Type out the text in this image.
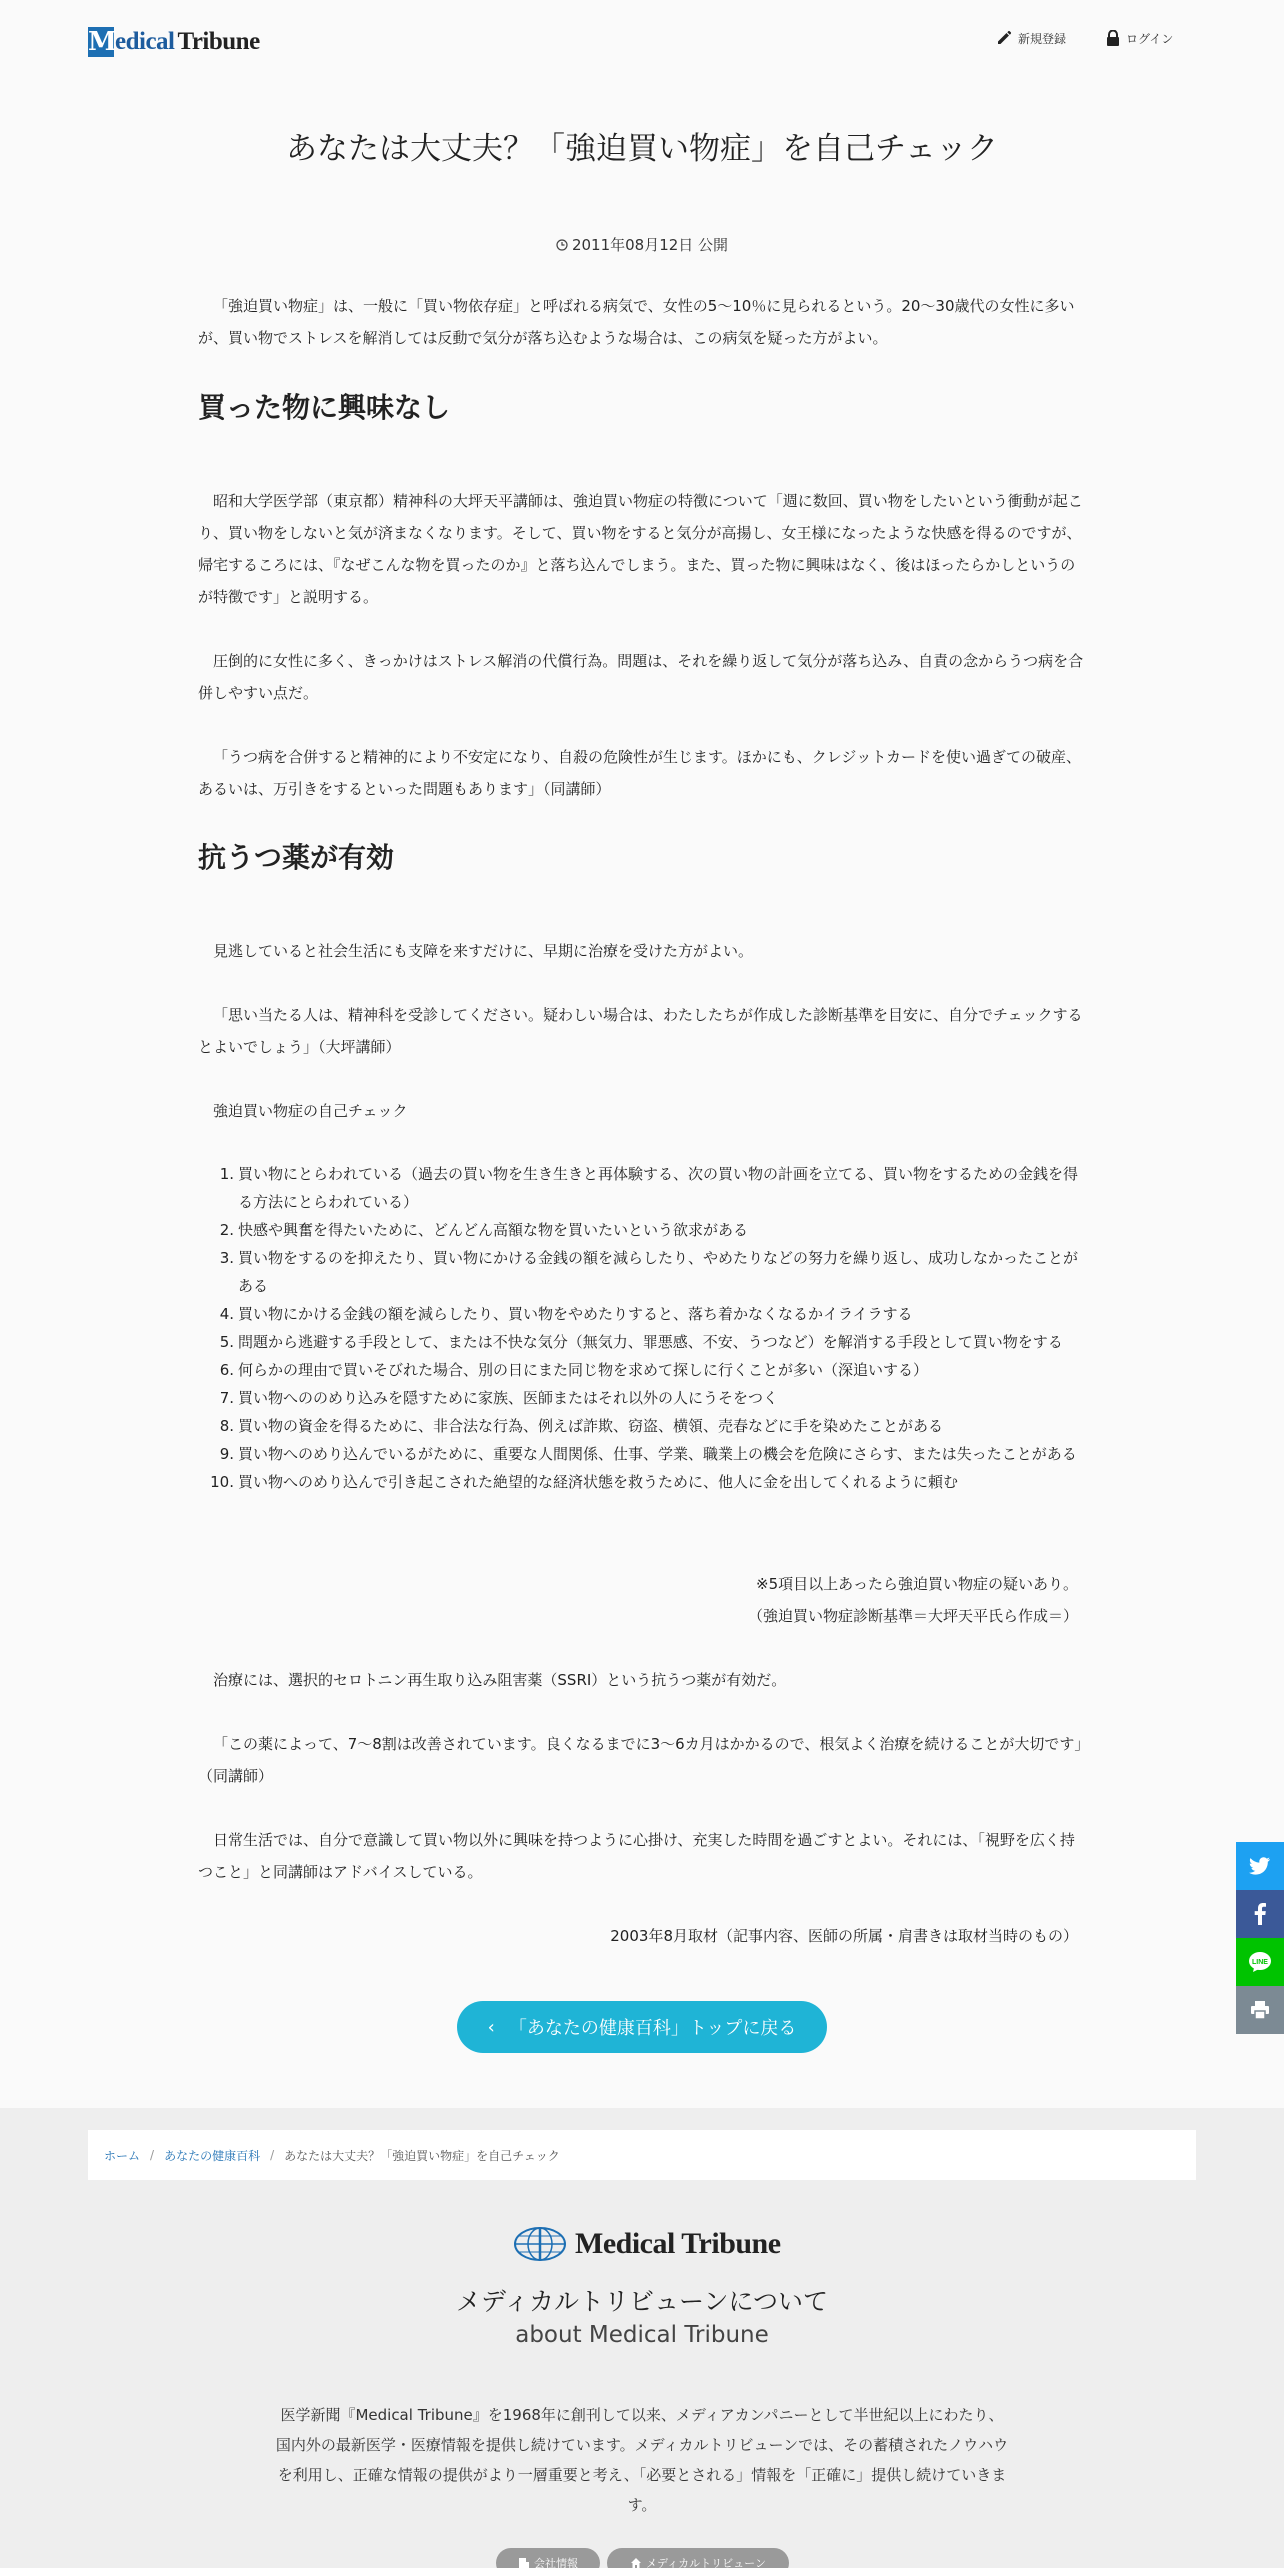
M
edical Tribune	新規登録	ログイン
あなたは大丈夫？「強迫買い物症」を自己チェック
2011年08月12日 公開

「強迫買い物症」は、一般に「買い物依存症」と呼ばれる病気で、女性の5～10％に見られるという。20～30歳代の女性に多いが、買い物でストレスを解消しては反動で気分が落ち込むような場合は、この病気を疑った方がよい。

買った物に興味なし

昭和大学医学部（東京都）精神科の大坪天平講師は、強迫買い物症の特徴について「週に数回、買い物をしたいという衝動が起こり、買い物をしないと気が済まなくなります。そして、買い物をすると気分が高揚し、女王様になったような快感を得るのですが、帰宅するころには、『なぜこんな物を買ったのか』と落ち込んでしまう。また、買った物に興味はなく、後はほったらかしというのが特徴です」と説明する。

圧倒的に女性に多く、きっかけはストレス解消の代償行為。問題は、それを繰り返して気分が落ち込み、自責の念からうつ病を合併しやすい点だ。

「うつ病を合併すると精神的により不安定になり、自殺の危険性が生じます。ほかにも、クレジットカードを使い過ぎての破産、あるいは、万引きをするといった問題もあります」（同講師）

抗うつ薬が有効

見逃していると社会生活にも支障を来すだけに、早期に治療を受けた方がよい。

「思い当たる人は、精神科を受診してください。疑わしい場合は、わたしたちが作成した診断基準を目安に、自分でチェックするとよいでしょう」（大坪講師）

強迫買い物症の自己チェック

1. 買い物にとらわれている（過去の買い物を生き生きと再体験する、次の買い物の計画を立てる、買い物をするための金銭を得る方法にとらわれている）
2. 快感や興奮を得たいために、どんどん高額な物を買いたいという欲求がある
3. 買い物をするのを抑えたり、買い物にかける金銭の額を減らしたり、やめたりなどの努力を繰り返し、成功しなかったことがある
4. 買い物にかける金銭の額を減らしたり、買い物をやめたりすると、落ち着かなくなるかイライラする
5. 問題から逃避する手段として、または不快な気分（無気力、罪悪感、不安、うつなど）を解消する手段として買い物をする
6. 何らかの理由で買いそびれた場合、別の日にまた同じ物を求めて探しに行くことが多い（深追いする）
7. 買い物へののめり込みを隠すために家族、医師またはそれ以外の人にうそをつく
8. 買い物の資金を得るために、非合法な行為、例えば詐欺、窃盗、横領、売春などに手を染めたことがある
9. 買い物へのめり込んでいるがために、重要な人間関係、仕事、学業、職業上の機会を危険にさらす、または失ったことがある
10. 買い物へのめり込んで引き起こされた絶望的な経済状態を救うために、他人に金を出してくれるように頼む
※5項目以上あったら強迫買い物症の疑いあり。
（強迫買い物症診断基準＝大坪天平氏ら作成＝）

治療には、選択的セロトニン再生取り込み阻害薬（SSRI）という抗うつ薬が有効だ。

「この薬によって、7～8割は改善されています。良くなるまでに3～6カ月はかかるので、根気よく治療を続けることが大切です」（同講師）

日常生活では、自分で意識して買い物以外に興味を持つように心掛け、充実した時間を過ごすとよい。それには、「視野を広く持つこと」と同講師はアドバイスしている。

2003年8月取材（記事内容、医師の所属・肩書きは取材当時のもの）
‹ 「あなたの健康百科」トップに戻る
LINE
ホーム / あなたの健康百科 / あなたは大丈夫？「強迫買い物症」を自己チェック
Medical Tribune
メディカルトリビューンについて
about Medical Tribune

医学新聞『Medical Tribune』を1968年に創刊して以来、メディアカンパニーとして半世紀以上にわたり、国内外の最新医学・医療情報を提供し続けています。メディカルトリビューンでは、その蓄積されたノウハウを利用し、正確な情報の提供がより一層重要と考え、「必要とされる」情報を「正確に」提供し続けていきます。

会社情報	メディカルトリビューン
